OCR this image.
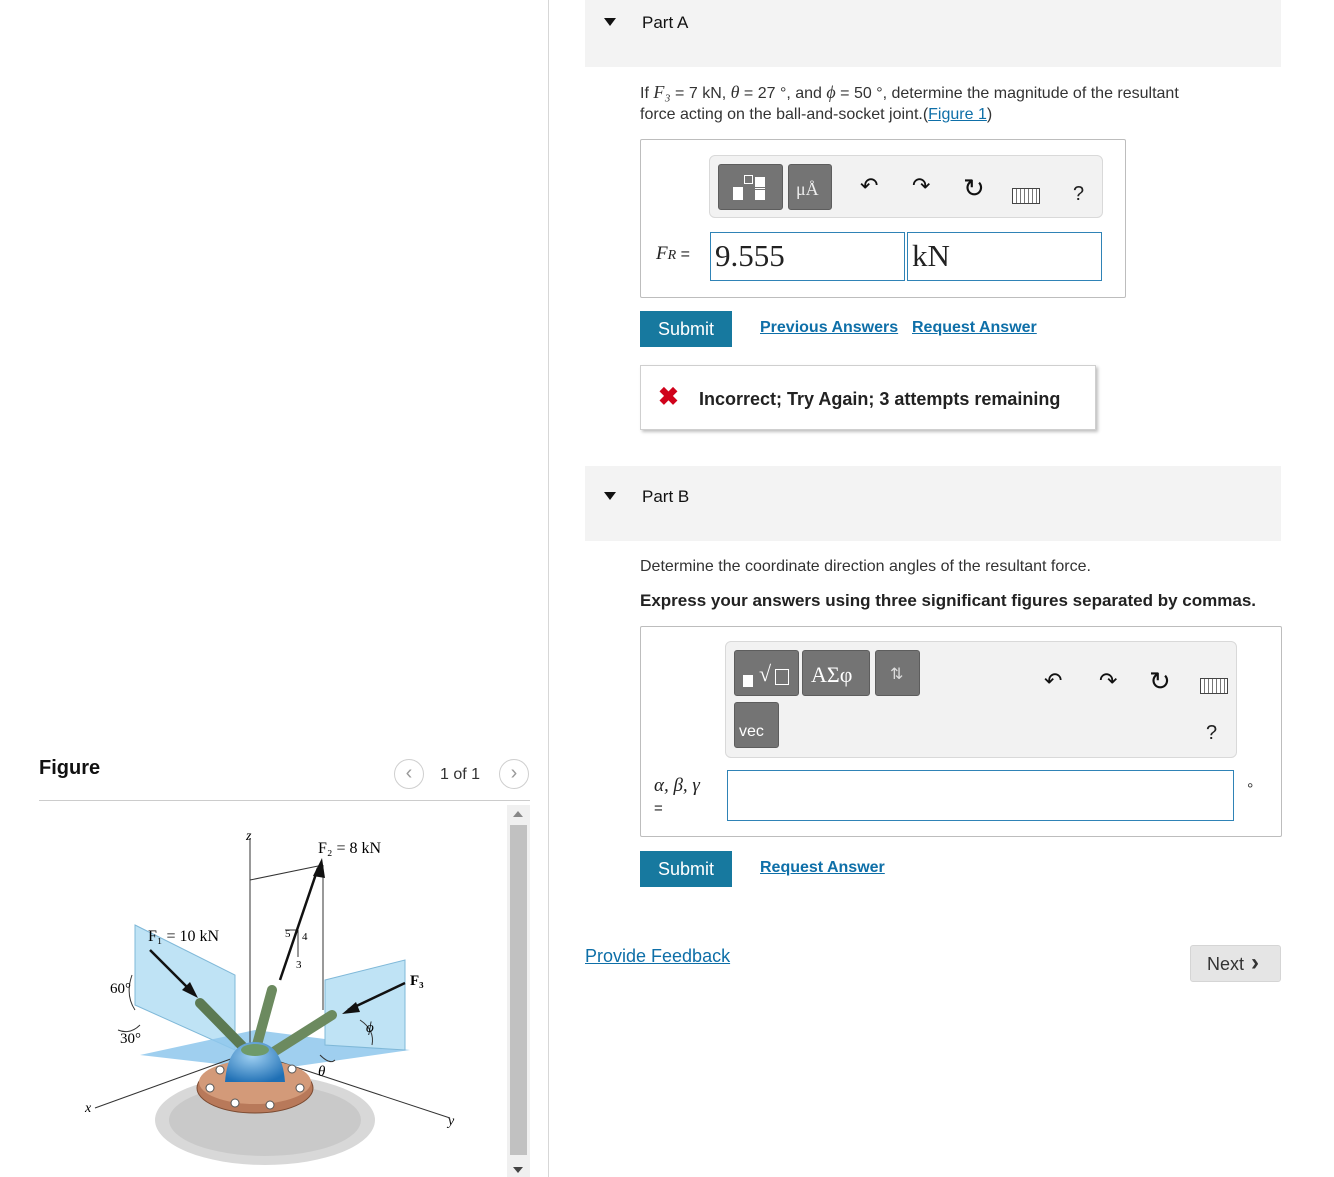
Figure	‹	1 of 1	›
z
x
y
F₁ = 10 kN
F₂ = 8 kN
F₃
60°
30°
θ
ϕ
5 4
3
Part A
If F₃ = 7 kN, θ = 27 °, and ϕ = 50 °, determine the magnitude of the resultant
force acting on the ball-and-socket joint.(Figure 1)
μÅ ↶ ↷ ↻	?
FR = 9.555	kN
Submit	Previous Answers Request Answer
✖ Incorrect; Try Again; 3 attempts remaining
Part B
Determine the coordinate direction angles of the resultant force.
Express your answers using three significant figures separated by commas.
√ ΑΣφ ⇅
vec
↶ ↷ ↻
?
α, β, γ
=
°
Submit	Request Answer
Provide Feedback	Next ›
